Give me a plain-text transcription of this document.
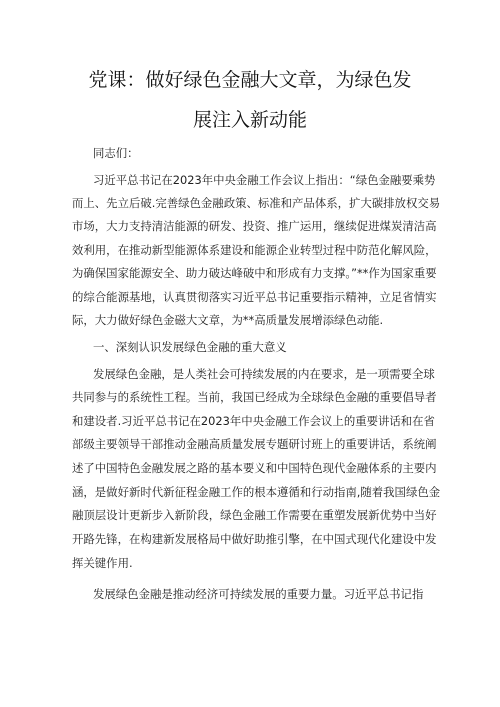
党课：做好绿色金融大文章，为绿色发
展注入新动能

同志们：

习近平总书记在2023年中央金融工作会议上指出：“绿色金融要乘势

而上、先立后破.完善绿色金融政策、标准和产品体系，扩大碳排放权交易

市场，大力支持清洁能源的研发、投资、推广运用，继续促进煤炭清洁高

效利用，在推动新型能源体系建设和能源企业转型过程中防范化解风险，

为确保国家能源安全、助力破达峰破中和形成有力支撑。”**作为国家重要

的综合能源基地，认真贯彻落实习近平总书记重要指示精神，立足省情实

际，大力做好绿色金磁大文章，为**高质量发展增添绿色动能.

一、深刻认识发展绿色金融的重大意义

发展绿色金融，是人类社会可持续发展的内在要求，是一项需要全球

共同参与的系统性工程。当前，我国已经成为全球绿色金融的重要倡导者

和建设者.习近平总书记在2023年中央金融工作会议上的重要讲话和在省

部级主要领导干部推动金融高质量发展专题研讨班上的重要讲话，系统阐

述了中国特色金融发展之路的基本要义和中国特色现代金融体系的主要内

涵，是做好新时代新征程金融工作的根本遵循和行动指南,随着我国绿色金

融顶层设计更新步入新阶段，绿色金融工作需要在重塑发展新优势中当好

开路先锋，在构建新发展格局中做好助推引擎，在中国式现代化建设中发

挥关键作用.

发展绿色金融是推动经济可持续发展的重要力量。习近平总书记指
